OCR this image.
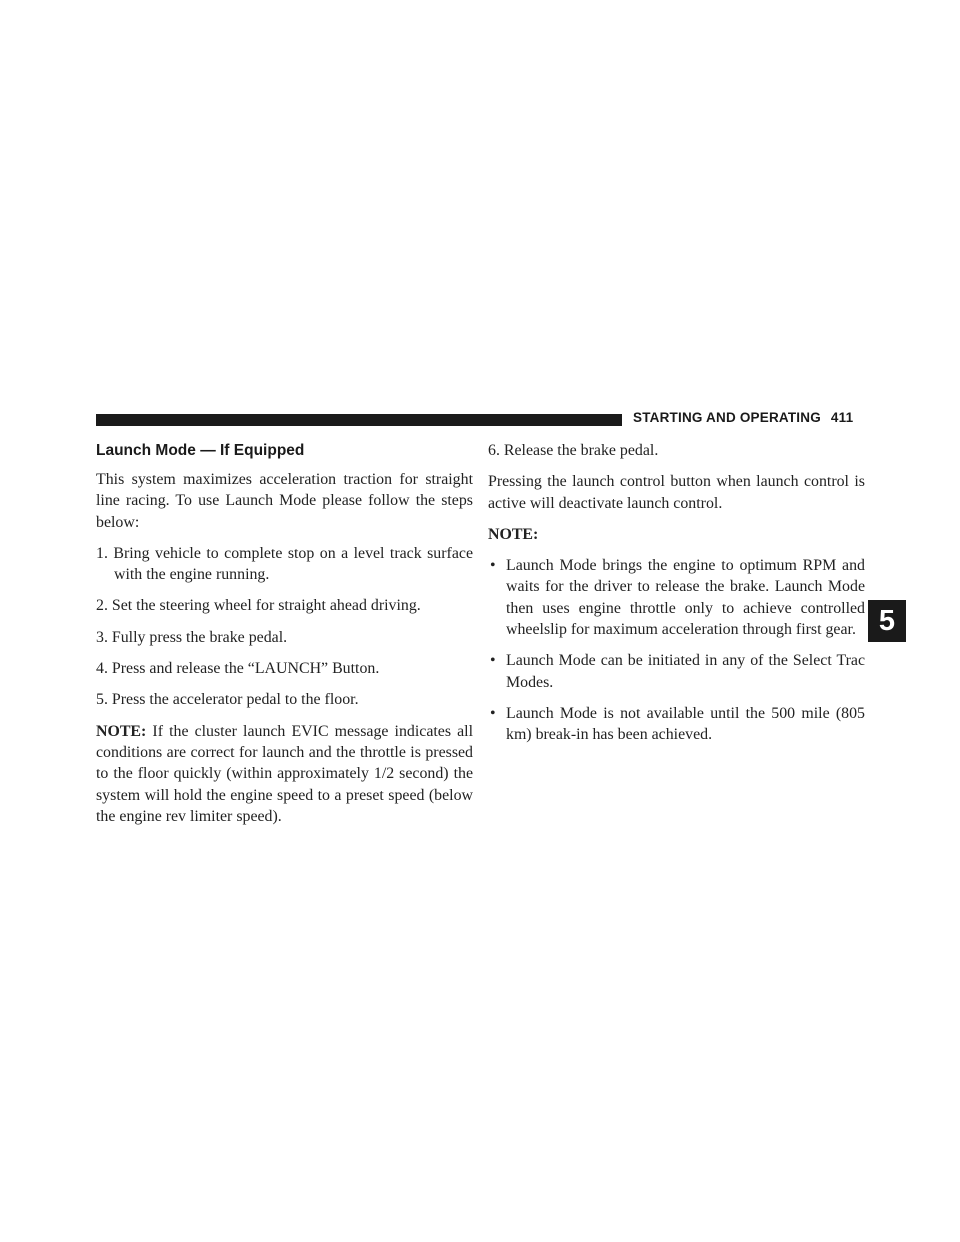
STARTING AND OPERATING 411
5
Launch Mode — If Equipped

This system maximizes acceleration traction for straight line racing. To use Launch Mode please follow the steps below:

1. Bring vehicle to complete stop on a level track surface with the engine running.
2. Set the steering wheel for straight ahead driving.
3. Fully press the brake pedal.
4. Press and release the “LAUNCH” Button.
5. Press the accelerator pedal to the floor.

NOTE: If the cluster launch EVIC message indicates all conditions are correct for launch and the throttle is pressed to the floor quickly (within approximately 1/2 second) the system will hold the engine speed to a preset speed (below the engine rev limiter speed).

6. Release the brake pedal.

Pressing the launch control button when launch control is active will deactivate launch control.

NOTE:
• Launch Mode brings the engine to optimum RPM and waits for the driver to release the brake. Launch Mode then uses engine throttle only to achieve controlled wheelslip for maximum acceleration through first gear.
• Launch Mode can be initiated in any of the Select Trac Modes.
• Launch Mode is not available until the 500 mile (805 km) break-in has been achieved.
